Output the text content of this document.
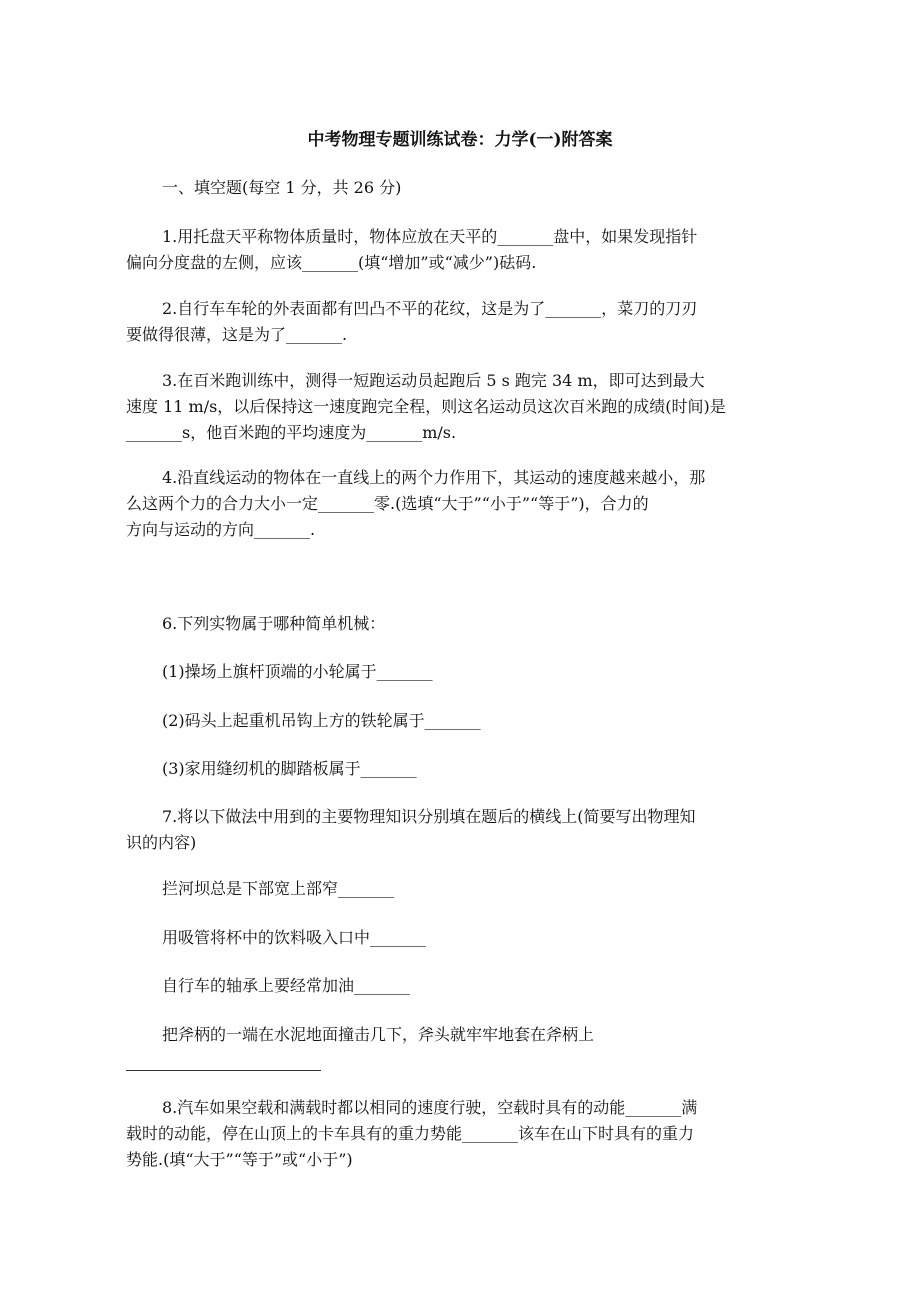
中考物理专题训练试卷：力学(一)附答案
一、填空题(每空 1 分，共 26 分)
1.用托盘天平称物体质量时，物体应放在天平的_______盘中，如果发现指针
偏向分度盘的左侧，应该_______(填“增加”或“减少”)砝码.
2.自行车车轮的外表面都有凹凸不平的花纹，这是为了_______，菜刀的刀刃
要做得很薄，这是为了_______.
3.在百米跑训练中，测得一短跑运动员起跑后 5 s 跑完 34 m，即可达到最大
速度 11 m/s，以后保持这一速度跑完全程，则这名运动员这次百米跑的成绩(时间)是
_______s，他百米跑的平均速度为_______m/s.
4.沿直线运动的物体在一直线上的两个力作用下，其运动的速度越来越小，那
么这两个力的合力大小一定_______零.(选填“大于”“小于”“等于”)，合力的
方向与运动的方向_______.
6.下列实物属于哪种简单机械：
(1)操场上旗杆顶端的小轮属于_______
(2)码头上起重机吊钩上方的铁轮属于_______
(3)家用缝纫机的脚踏板属于_______
7.将以下做法中用到的主要物理知识分别填在题后的横线上(简要写出物理知
识的内容)
拦河坝总是下部宽上部窄_______
用吸管将杯中的饮料吸入口中_______
自行车的轴承上要经常加油_______
把斧柄的一端在水泥地面撞击几下，斧头就牢牢地套在斧柄上
8.汽车如果空载和满载时都以相同的速度行驶，空载时具有的动能_______满
载时的动能，停在山顶上的卡车具有的重力势能_______该车在山下时具有的重力
势能.(填“大于”“等于”或“小于”)
